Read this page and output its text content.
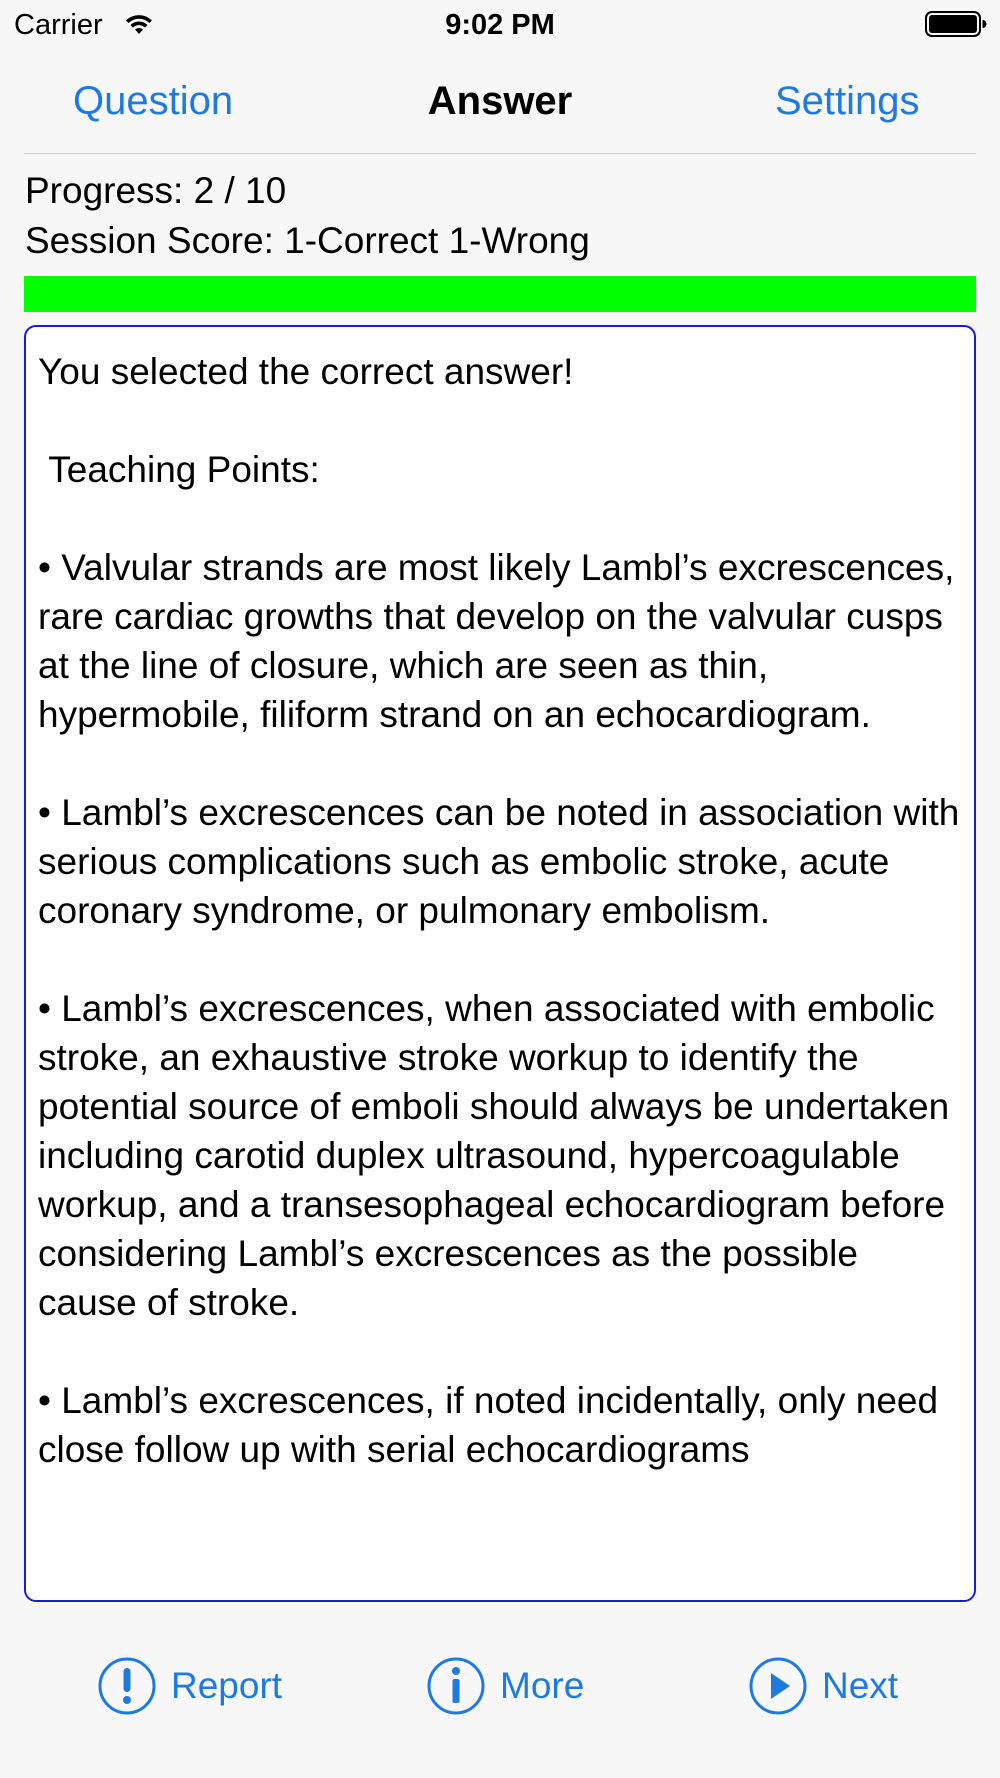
Carrier	9:02 PM
Question	Answer	Settings
Progress: 2 / 10
Session Score: 1-Correct 1-Wrong
You selected the correct answer!

Teaching Points:

• Valvular strands are most likely Lambl’s excrescences, rare cardiac growths that develop on the valvular cusps at the line of closure, which are seen as thin, hypermobile, filiform strand on an echocardiogram.

• Lambl’s excrescences can be noted in association with serious complications such as embolic stroke, acute coronary syndrome, or pulmonary embolism.

• Lambl’s excrescences, when associated with embolic stroke, an exhaustive stroke workup to identify the potential source of emboli should always be undertaken including carotid duplex ultrasound, hypercoagulable workup, and a transesophageal echocardiogram before considering Lambl’s excrescences as the possible cause of stroke.

• Lambl’s excrescences, if noted incidentally, only need close follow up with serial echocardiograms
Report	More	Next
